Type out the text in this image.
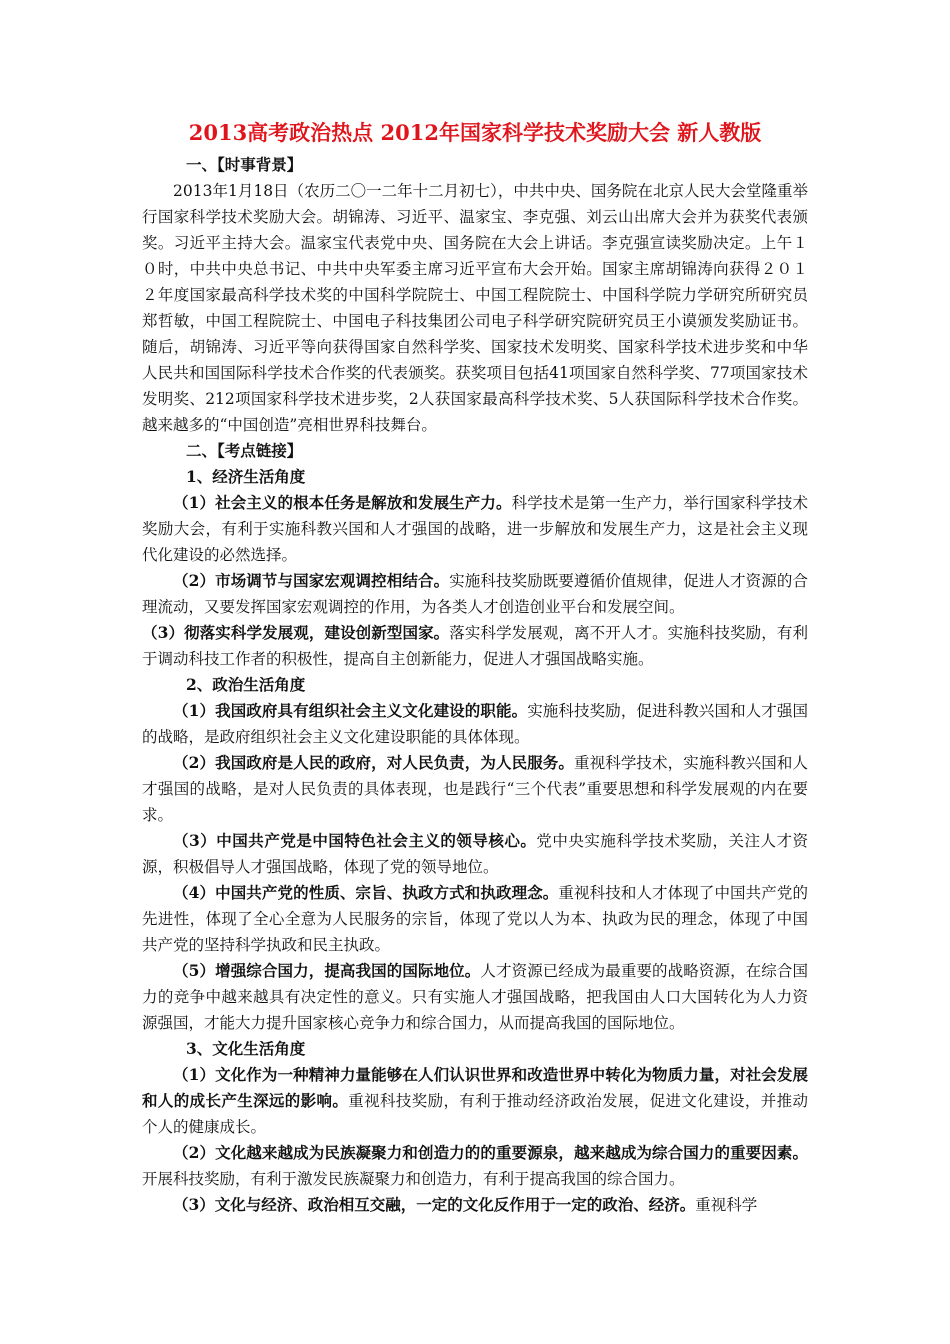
2013高考政治热点 2012年国家科学技术奖励大会 新人教版
一、【时事背景】

2013年1月18日（农历二〇一二年十二月初七），中共中央、国务院在北京人民大会堂隆重举行国家科学技术奖励大会。胡锦涛、习近平、温家宝、李克强、刘云山出席大会并为获奖代表颁奖。习近平主持大会。温家宝代表党中央、国务院在大会上讲话。李克强宣读奖励决定。上午１０时，中共中央总书记、中共中央军委主席习近平宣布大会开始。国家主席胡锦涛向获得２０１２年度国家最高科学技术奖的中国科学院院士、中国工程院院士、中国科学院力学研究所研究员郑哲敏，中国工程院院士、中国电子科技集团公司电子科学研究院研究员王小谟颁发奖励证书。随后，胡锦涛、习近平等向获得国家自然科学奖、国家技术发明奖、国家科学技术进步奖和中华人民共和国国际科学技术合作奖的代表颁奖。获奖项目包括41项国家自然科学奖、77项国家技术发明奖、212项国家科学技术进步奖，2人获国家最高科学技术奖、5人获国际科学技术合作奖。越来越多的“中国创造”亮相世界科技舞台。

二、【考点链接】
1、经济生活角度

（1）社会主义的根本任务是解放和发展生产力。科学技术是第一生产力，举行国家科学技术奖励大会，有利于实施科教兴国和人才强国的战略，进一步解放和发展生产力，这是社会主义现代化建设的必然选择。

（2）市场调节与国家宏观调控相结合。实施科技奖励既要遵循价值规律，促进人才资源的合理流动，又要发挥国家宏观调控的作用，为各类人才创造创业平台和发展空间。

（3）彻落实科学发展观，建设创新型国家。落实科学发展观，离不开人才。实施科技奖励，有利于调动科技工作者的积极性，提高自主创新能力，促进人才强国战略实施。

2、政治生活角度

（1）我国政府具有组织社会主义文化建设的职能。实施科技奖励，促进科教兴国和人才强国的战略，是政府组织社会主义文化建设职能的具体体现。

（2）我国政府是人民的政府，对人民负责，为人民服务。重视科学技术，实施科教兴国和人才强国的战略，是对人民负责的具体表现，也是践行“三个代表”重要思想和科学发展观的内在要求。

（3）中国共产党是中国特色社会主义的领导核心。党中央实施科学技术奖励，关注人才资源，积极倡导人才强国战略，体现了党的领导地位。

（4）中国共产党的性质、宗旨、执政方式和执政理念。重视科技和人才体现了中国共产党的先进性，体现了全心全意为人民服务的宗旨，体现了党以人为本、执政为民的理念，体现了中国共产党的坚持科学执政和民主执政。

（5）增强综合国力，提高我国的国际地位。人才资源已经成为最重要的战略资源，在综合国力的竞争中越来越具有决定性的意义。只有实施人才强国战略，把我国由人口大国转化为人力资源强国，才能大力提升国家核心竞争力和综合国力，从而提高我国的国际地位。

3、文化生活角度

（1）文化作为一种精神力量能够在人们认识世界和改造世界中转化为物质力量，对社会发展和人的成长产生深远的影响。重视科技奖励，有利于推动经济政治发展，促进文化建设，并推动个人的健康成长。

（2）文化越来越成为民族凝聚力和创造力的的重要源泉，越来越成为综合国力的重要因素。开展科技奖励，有利于激发民族凝聚力和创造力，有利于提高我国的综合国力。

（3）文化与经济、政治相互交融，一定的文化反作用于一定的政治、经济。重视科学
